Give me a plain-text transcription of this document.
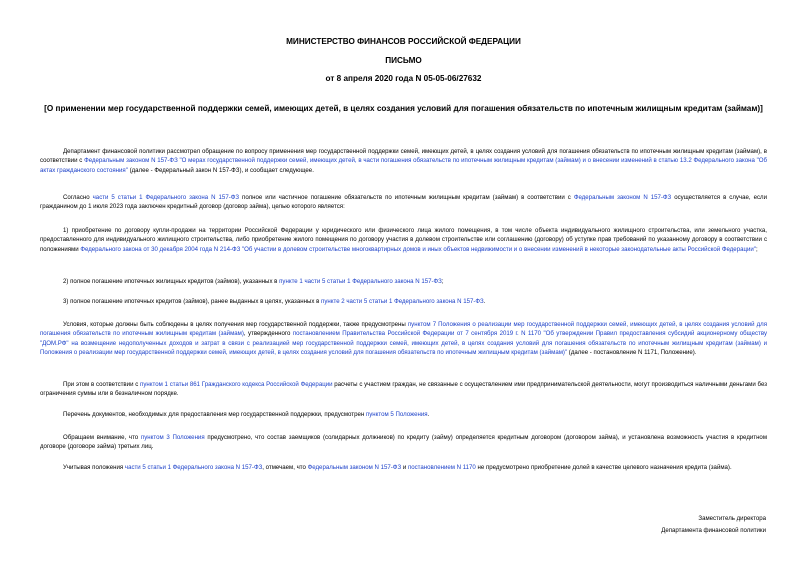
МИНИСТЕРСТВО ФИНАНСОВ РОССИЙСКОЙ ФЕДЕРАЦИИ
ПИСЬМО
от 8 апреля 2020 года N 05-05-06/27632
[О применении мер государственной поддержки семей, имеющих детей, в целях создания условий для погашения обязательств по ипотечным жилищным кредитам (займам)]

Департамент финансовой политики рассмотрел обращение по вопросу применения мер государственной поддержки семей, имеющих детей, в целях создания условий для погашения обязательств по ипотечным жилищным кредитам (займам), в соответствии с Федеральным законом N 157-ФЗ "О мерах государственной поддержки семей, имеющих детей, в части погашения обязательств по ипотечным жилищным кредитам (займам) и о внесении изменений в статью 13.2 Федерального закона "Об актах гражданского состояния" (далее - Федеральный закон N 157-ФЗ), и сообщает следующее.

Согласно части 5 статьи 1 Федерального закона N 157-ФЗ полное или частичное погашение обязательств по ипотечным жилищным кредитам (займам) в соответствии с Федеральным законом N 157-ФЗ осуществляется в случае, если гражданином до 1 июля 2023 года заключен кредитный договор (договор займа), целью которого является:

1) приобретение по договору купли-продажи на территории Российской Федерации у юридического или физического лица жилого помещения, в том числе объекта индивидуального жилищного строительства, или земельного участка, предоставленного для индивидуального жилищного строительства, либо приобретение жилого помещения по договору участия в долевом строительстве или соглашению (договору) об уступке прав требований по указанному договору в соответствии с положениями Федерального закона от 30 декабря 2004 года N 214-ФЗ "Об участии в долевом строительстве многоквартирных домов и иных объектов недвижимости и о внесении изменений в некоторые законодательные акты Российской Федерации";

2) полное погашение ипотечных жилищных кредитов (займов), указанных в пункте 1 части 5 статьи 1 Федерального закона N 157-ФЗ;

3) полное погашение ипотечных кредитов (займов), ранее выданных в целях, указанных в пункте 2 части 5 статьи 1 Федерального закона N 157-ФЗ.

Условия, которые должны быть соблюдены в целях получения мер государственной поддержки, также предусмотрены пунктом 7 Положения о реализации мер государственной поддержки семей, имеющих детей, в целях создания условий для погашения обязательств по ипотечным жилищным кредитам (займам), утвержденного постановлением Правительства Российской Федерации от 7 сентября 2019 г. N 1170 "Об утверждении Правил предоставления субсидий акционерному обществу "ДОМ.РФ" на возмещение недополученных доходов и затрат в связи с реализацией мер государственной поддержки семей, имеющих детей, в целях создания условий для погашения обязательств по ипотечным жилищным кредитам (займам) и Положения о реализации мер государственной поддержки семей, имеющих детей, в целях создания условий для погашения обязательств по ипотечным жилищным кредитам (займам)" (далее - постановление N 1171, Положение).

При этом в соответствии с пунктом 1 статьи 861 Гражданского кодекса Российской Федерации расчеты с участием граждан, не связанные с осуществлением ими предпринимательской деятельности, могут производиться наличными деньгами без ограничения суммы или в безналичном порядке.

Перечень документов, необходимых для предоставления мер государственной поддержки, предусмотрен пунктом 5 Положения.

Обращаем внимание, что пунктом 3 Положения предусмотрено, что состав заемщиков (солидарных должников) по кредиту (займу) определяется кредитным договором (договором займа), и установлена возможность участия в кредитном договоре (договоре займа) третьих лиц.

Учитывая положения части 5 статьи 1 Федерального закона N 157-ФЗ, отмечаем, что Федеральным законом N 157-ФЗ и постановлением N 1170 не предусмотрено приобретение долей в качестве целевого назначения кредита (займа).

Заместитель директора
Департамента финансовой политики
